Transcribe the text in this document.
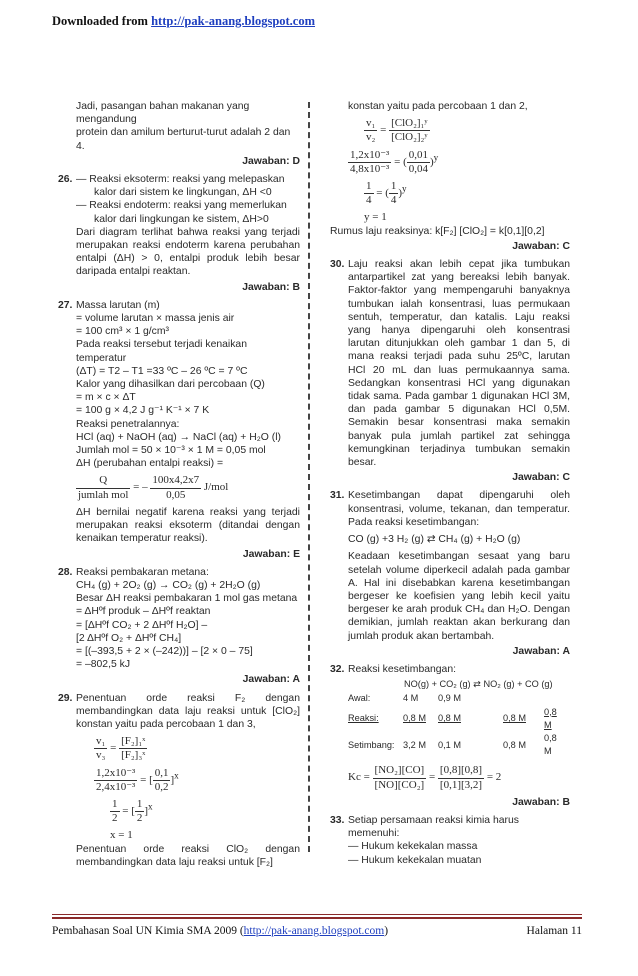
Downloaded from http://pak-anang.blogspot.com

Jadi, pasangan bahan makanan yang mengandung

protein dan amilum berturut-turut adalah 2 dan 4.

Jawaban: D
26. — Reaksi eksoterm: reaksi yang melepaskan

kalor dari sistem ke lingkungan, ΔH <0

— Reaksi endoterm: reaksi yang memerlukan

kalor dari lingkungan ke sistem, ΔH>0

Dari diagram terlihat bahwa reaksi yang terjadi merupakan reaksi endoterm karena perubahan entalpi (ΔH) > 0, entalpi produk lebih besar daripada entalpi reaktan.

Jawaban: B
27. Massa larutan (m)

= volume larutan × massa jenis air

= 100 cm³ × 1 g/cm³

Pada reaksi tersebut terjadi kenaikan temperatur

(ΔT) = T2 – T1 =33 ºC – 26 ºC = 7 ºC

Kalor yang dihasilkan dari percobaan (Q)

= m × c × ΔT

= 100 g × 4,2 J g⁻¹ K⁻¹ × 7 K

Reaksi penetralannya:

HCl (aq) + NaOH (aq) → NaCl (aq) + H₂O (l)

Jumlah mol = 50 × 10⁻³ × 1 M = 0,05 mol

ΔH (perubahan entalpi reaksi) =

$\frac{Q}{\text{jumlah mol}}$ = – $\frac{100x4,2x7}{0,05} J/mol$

ΔH bernilai negatif karena reaksi yang terjadi merupakan reaksi eksoterm (ditandai dengan kenaikan temperatur reaksi).

Jawaban: E
28. Reaksi pembakaran metana:

CH₄ (g) + 2O₂ (g) → CO₂ (g) + 2H₂O (g)

Besar ΔH reaksi pembakaran 1 mol gas metana

= ΔHºf produk – ΔHºf reaktan

= [ΔHºf CO₂ + 2 ΔHºf H₂O] –

[2 ΔHºf O₂ + ΔHºf CH₄]

= [(–393,5 + 2 × (–242))] – [2 × 0 – 75]

= –802,5 kJ

Jawaban: A
29. Penentuan orde reaksi F₂ dengan membandingkan data laju reaksi untuk [ClO₂] konstan yaitu pada percobaan 1 dan 3,

$\frac{\text{v₁}}{\text{v₃}} = \frac{\text{[F₂]₁ˣ}}{\text{[F₂]₃ˣ}}$
$\frac{\text{1,2x10⁻³}}{\text{2,4x10⁻³}}$ = [ $\frac{0,1}{0,2} ]^x$
$\frac{1}{2}$ = [ $\frac{1}{2} ]^x$

x = 1

Penentuan orde reaksi ClO₂ dengan membandingkan data laju reaksi untuk [F₂]

konstan yaitu pada percobaan 1 dan 2,

$\frac{\text{v₁}}{\text{v₂}} = \frac{\text{[ClO₂]₁ʸ}}{\text{[ClO₂]₂ʸ}}$
$\frac{\text{1,2x10⁻³}}{\text{4,8x10⁻³}}$ = ( $\frac{0,01}{0,04} )^y$
$\frac{1}{4}$ = ( $\frac{1}{4} )^y$

y = 1

Rumus laju reaksinya: k[F₂] [ClO₂] = k[0,1][0,2]

Jawaban: C
30. Laju reaksi akan lebih cepat jika tumbukan antarpartikel zat yang bereaksi lebih banyak. Faktor-faktor yang mempengaruhi banyaknya tumbukan ialah konsentrasi, luas permukaan sentuh, temperatur, dan katalis. Laju reaksi yang hanya dipengaruhi oleh konsentrasi larutan ditunjukkan oleh gambar 1 dan 5, di mana reaksi terjadi pada suhu 25ºC, larutan HCl 20 mL dan luas permukaannya sama. Sedangkan konsentrasi HCl yang digunakan tidak sama. Pada gambar 1 digunakan HCl 3M, dan pada gambar 5 digunakan HCl 0,5M. Semakin besar konsentrasi maka semakin banyak pula jumlah partikel zat sehingga kemungkinan terjadinya tumbukan semakin besar.

Jawaban: C
31. Kesetimbangan dapat dipengaruhi oleh konsentrasi, volume, tekanan, dan temperatur. Pada reaksi kesetimbangan:

CO (g) +3 H₂ (g) ⇄ CH₄ (g) + H₂O (g)

Keadaan kesetimbangan sesaat yang baru setelah volume diperkecil adalah pada gambar A. Hal ini disebabkan karena kesetimbangan bergeser ke koefisien yang lebih kecil yaitu bergeser ke arah produk CH₄ dan H₂O. Dengan demikian, jumlah reaktan akan berkurang dan jumlah produk akan bertambah.

Jawaban: A
32. Reaksi kesetimbangan:

NO(g) + CO₂ (g) ⇄ NO₂ (g) + CO (g)
Awal:	4 M	0,9 M		
Reaksi:	0,8 M	0,8 M	0,8 M	0,8 M
Setimbang:	3,2 M	0,1 M	0,8 M	0,8 M
$Kc = \frac{\text{[NO₂][CO]}}{\text{[NO][CO₂]}} = \frac{[0,8][0,8]}{[0,1][3,2]} = 2$
Jawaban: B
33. Setiap persamaan reaksi kimia harus memenuhi:

— Hukum kekekalan massa

— Hukum kekekalan muatan

Pembahasan Soal UN Kimia SMA 2009 (http://pak-anang.blogspot.com)	Halaman 11
